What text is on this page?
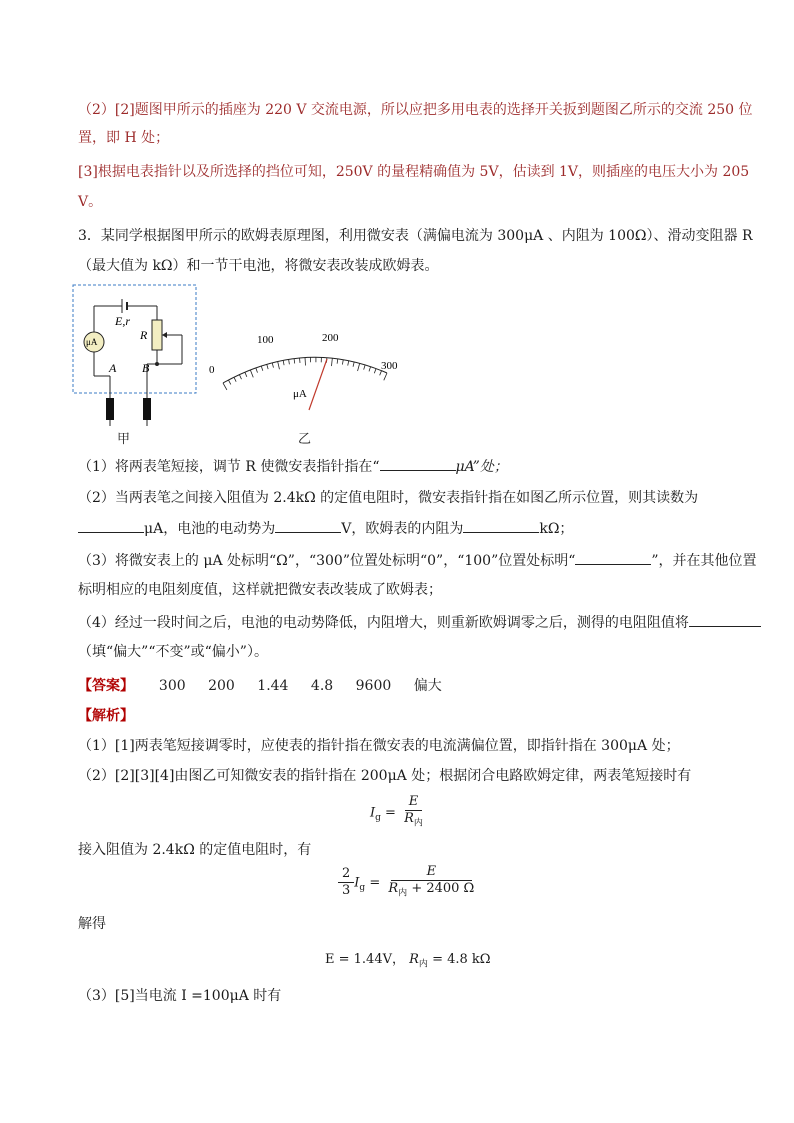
（2）[2]题图甲所示的插座为 220 V 交流电源，所以应把多用电表的选择开关扳到题图乙所示的交流 250 位
置，即 H 处；
[3]根据电表指针以及所选择的挡位可知，250V 的量程精确值为 5V，估读到 1V，则插座的电压大小为 205
V。
3．某同学根据图甲所示的欧姆表原理图，利用微安表（满偏电流为 300μA 、内阻为 100Ω）、滑动变阻器 R
（最大值为 kΩ）和一节干电池，将微安表改装成欧姆表。
E,r
R
μA
A B
甲
0
100	200
300
μA
乙
（1）将两表笔短接，调节 R 使微安表指针指在“	μA”处；
（2）当两表笔之间接入阻值为 2.4kΩ 的定值电阻时，微安表指针指在如图乙所示位置，则其读数为
μA，电池的电动势为	V，欧姆表的内阻为	kΩ；
（3）将微安表上的 μA 处标明“Ω”，“300”位置处标明“0”，“100”位置处标明“	”，并在其他位置
标明相应的电阻刻度值，这样就把微安表改装成了欧姆表；
（4）经过一段时间之后，电池的电动势降低，内阻增大，则重新欧姆调零之后，测得的电阻阻值将
（填“偏大”“不变”或“偏小”）。
【答案】 300 200 1.44 4.8 9600 偏大
【解析】
（1）[1]两表笔短接调零时，应使表的指针指在微安表的电流满偏位置，即指针指在 300μA 处；
（2）[2][3][4]由图乙可知微安表的指针指在 200μA 处；根据闭合电路欧姆定律，两表笔短接时有
$I_g = \frac{E}{R_内}$
接入阻值为 2.4kΩ 的定值电阻时，有
$\frac{2}{3} I_g = \frac{E}{R_内 + 2400 \Omega}$
解得
E = 1.44V， $R_内 = 4.8$ kΩ
（3）[5]当电流 I =100μA 时有
